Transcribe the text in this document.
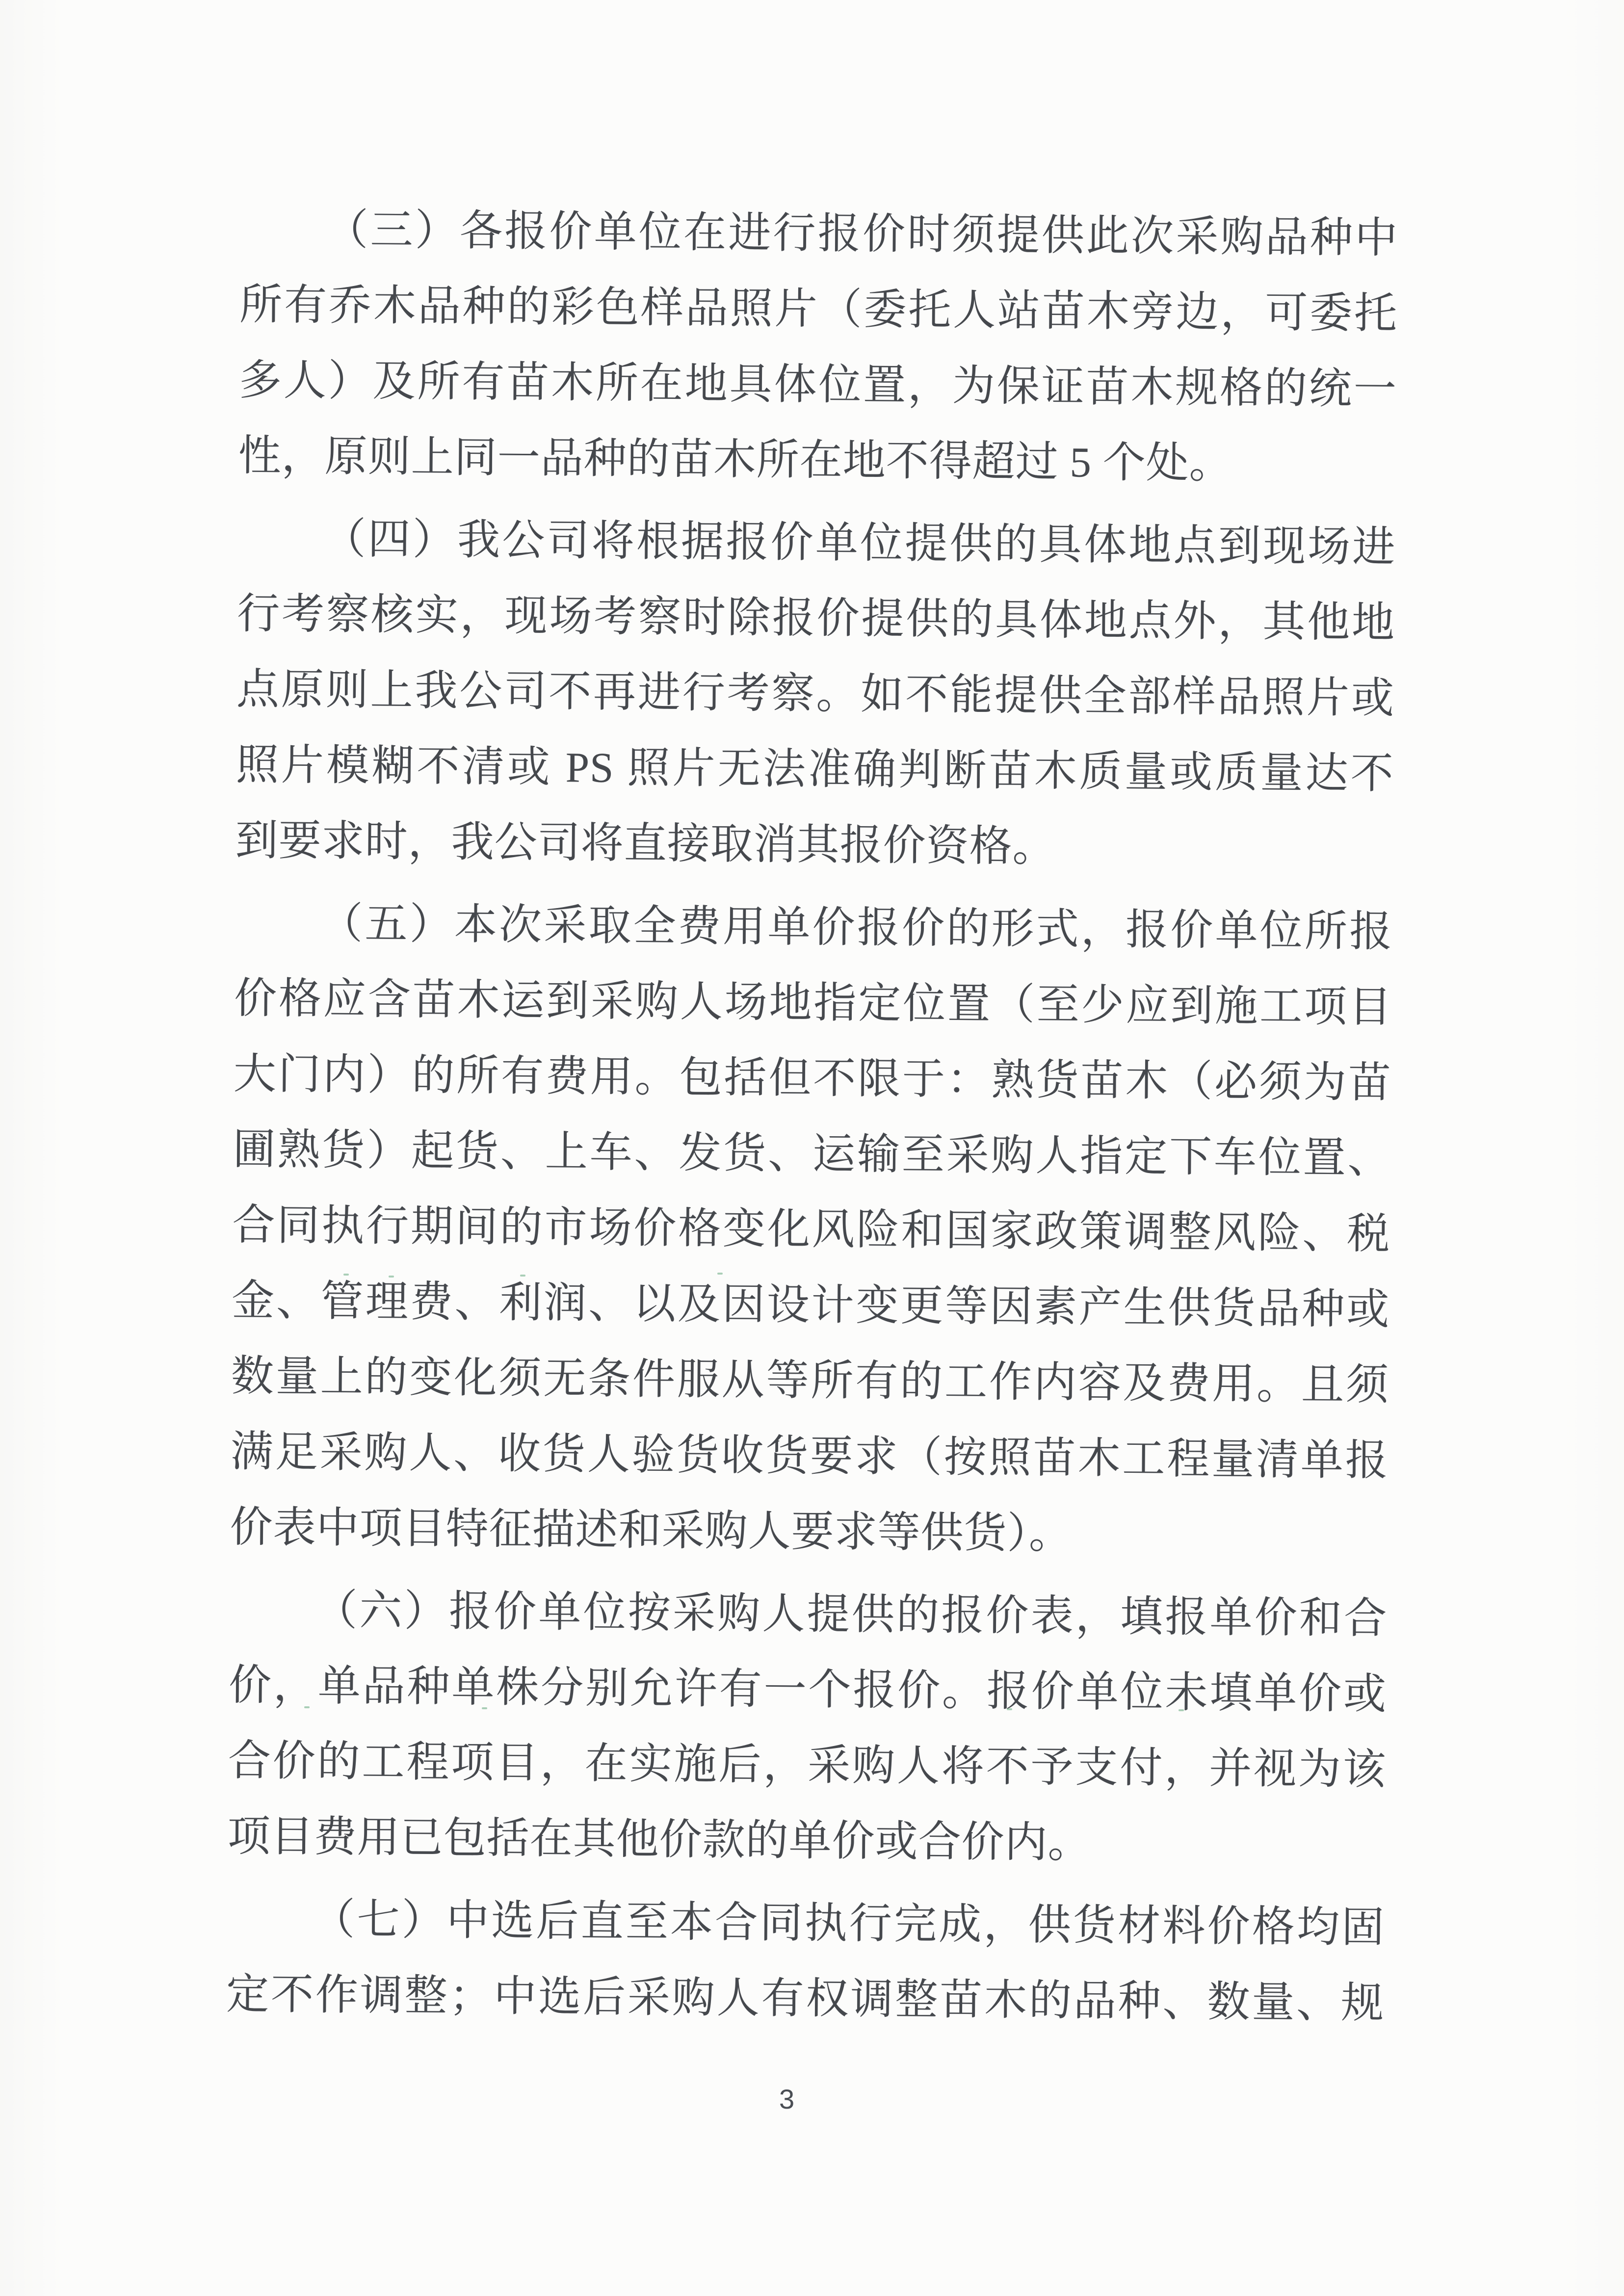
（三）各报价单位在进行报价时须提供此次采购品种中
所有乔木品种的彩色样品照片（委托人站苗木旁边，可委托
多人）及所有苗木所在地具体位置，为保证苗木规格的统一
性，原则上同一品种的苗木所在地不得超过 5 个处。
（四）我公司将根据报价单位提供的具体地点到现场进
行考察核实，现场考察时除报价提供的具体地点外，其他地
点原则上我公司不再进行考察。如不能提供全部样品照片或
照片模糊不清或 PS 照片无法准确判断苗木质量或质量达不
到要求时，我公司将直接取消其报价资格。
（五）本次采取全费用单价报价的形式，报价单位所报
价格应含苗木运到采购人场地指定位置（至少应到施工项目
大门内）的所有费用。包括但不限于：熟货苗木（必须为苗
圃熟货）起货、上车、发货、运输至采购人指定下车位置、
合同执行期间的市场价格变化风险和国家政策调整风险、税
金、管理费、利润、以及因设计变更等因素产生供货品种或
数量上的变化须无条件服从等所有的工作内容及费用。且须
满足采购人、收货人验货收货要求（按照苗木工程量清单报
价表中项目特征描述和采购人要求等供货）。
（六）报价单位按采购人提供的报价表，填报单价和合
价，单品种单株分别允许有一个报价。报价单位未填单价或
合价的工程项目，在实施后，采购人将不予支付，并视为该
项目费用已包括在其他价款的单价或合价内。
（七）中选后直至本合同执行完成，供货材料价格均固
定不作调整；中选后采购人有权调整苗木的品种、数量、规
3
